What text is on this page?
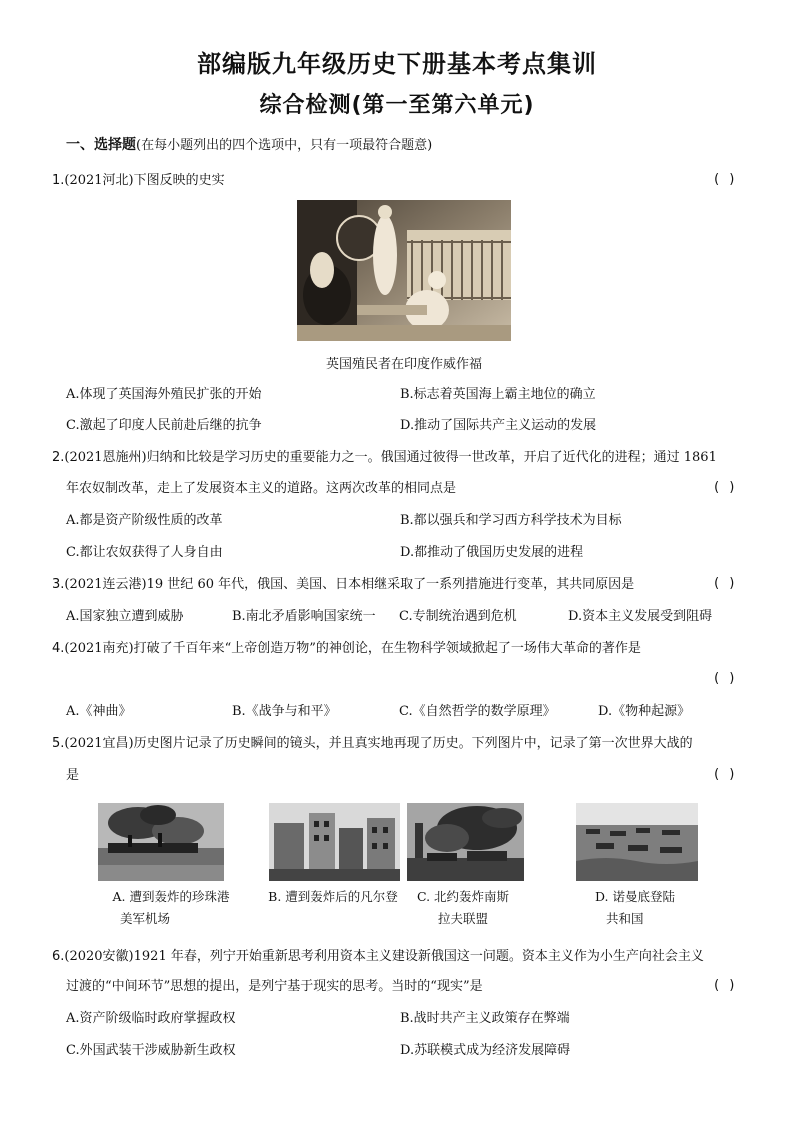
部编版九年级历史下册基本考点集训
综合检测(第一至第六单元)
一、选择题(在每小题列出的四个选项中，只有一项最符合题意)
1.(2021河北)下图反映的史实	( )
英国殖民者在印度作威作福
A.体现了英国海外殖民扩张的开始	B.标志着英国海上霸主地位的确立
C.激起了印度人民前赴后继的抗争	D.推动了国际共产主义运动的发展
2.(2021恩施州)归纳和比较是学习历史的重要能力之一。俄国通过彼得一世改革，开启了近代化的进程；通过 1861
年农奴制改革，走上了发展资本主义的道路。这两次改革的相同点是	( )
A.都是资产阶级性质的改革	B.都以强兵和学习西方科学技术为目标
C.都让农奴获得了人身自由	D.都推动了俄国历史发展的进程
3.(2021连云港)19 世纪 60 年代，俄国、美国、日本相继采取了一系列措施进行变革，其共同原因是	( )
A.国家独立遭到威胁	B.南北矛盾影响国家统一 C.专制统治遇到危机	D.资本主义发展受到阻碍
4.(2021南充)打破了千百年来“上帝创造万物”的神创论，在生物科学领域掀起了一场伟大革命的著作是
( )
A.《神曲》	B.《战争与和平》	C.《自然哲学的数学原理》	D.《物种起源》
5.(2021宜昌)历史图片记录了历史瞬间的镜头，并且真实地再现了历史。下列图片中，记录了第一次世界大战的
是	( )
A. 遭到轰炸的珍珠港
美军机场
B. 遭到轰炸后的凡尔登	C. 北约轰炸南斯
拉夫联盟
D. 诺曼底登陆
共和国
6.(2020安徽)1921 年春，列宁开始重新思考利用资本主义建设新俄国这一问题。资本主义作为小生产向社会主义
过渡的“中间环节”思想的提出，是列宁基于现实的思考。当时的“现实”是	( )
A.资产阶级临时政府掌握政权	B.战时共产主义政策存在弊端
C.外国武装干涉威胁新生政权	D.苏联模式成为经济发展障碍
